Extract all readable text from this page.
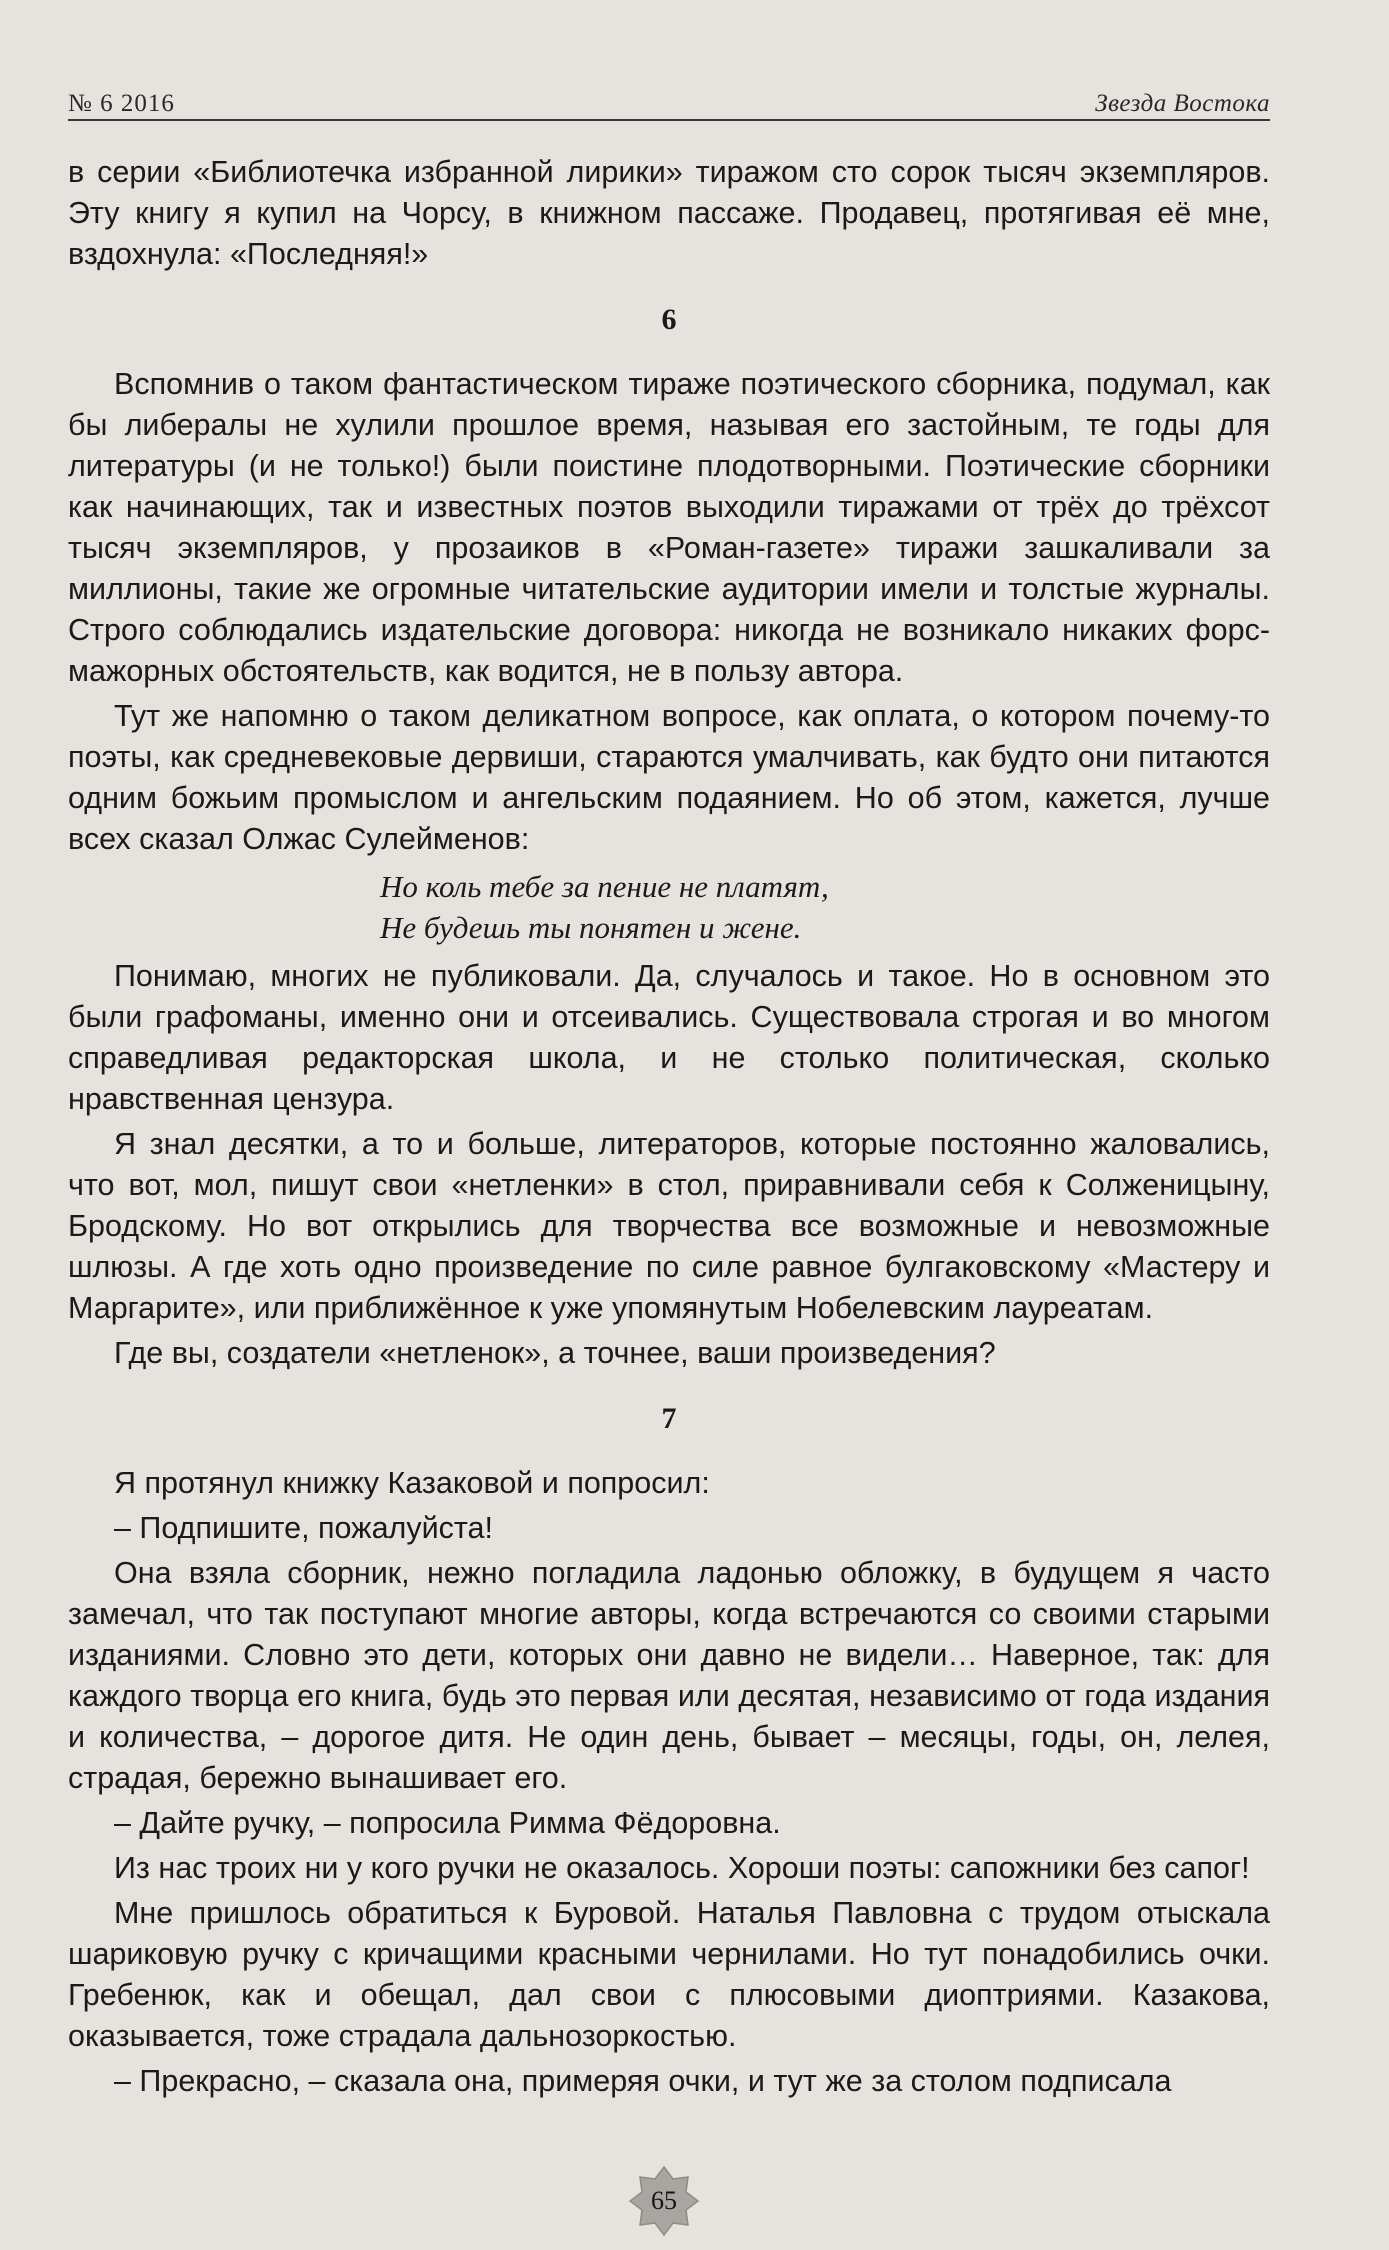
№ 6 2016	Звезда Востока

в серии «Библиотечка избранной лирики» тиражом сто сорок тысяч экземпляров. Эту книгу я купил на Чорсу, в книжном пассаже. Продавец, протягивая её мне, вздохнула: «Последняя!»

6

Вспомнив о таком фантастическом тираже поэтического сборника, подумал, как бы либералы не хулили прошлое время, называя его застойным, те годы для литературы (и не только!) были поистине плодотворными. Поэтические сборники как начинающих, так и известных поэтов выходили тиражами от трёх до трёхсот тысяч экземпляров, у прозаиков в «Роман-газете» тиражи зашкаливали за миллионы, такие же огромные читательские аудитории имели и толстые журналы. Строго соблюдались издательские договора: никогда не возникало никаких форс-мажорных обстоятельств, как водится, не в пользу автора.

Тут же напомню о таком деликатном вопросе, как оплата, о котором почему-то поэты, как средневековые дервиши, стараются умалчивать, как будто они питаются одним божьим промыслом и ангельским подаянием. Но об этом, кажется, лучше всех сказал Олжас Сулейменов:

Но коль тебе за пение не платят,
Не будешь ты понятен и жене.

Понимаю, многих не публиковали. Да, случалось и такое. Но в основном это были графоманы, именно они и отсеивались. Существовала строгая и во многом справедливая редакторская школа, и не столько политическая, сколько нравственная цензура.

Я знал десятки, а то и больше, литераторов, которые постоянно жаловались, что вот, мол, пишут свои «нетленки» в стол, приравнивали себя к Солженицыну, Бродскому. Но вот открылись для творчества все возможные и невозможные шлюзы. А где хоть одно произведение по силе равное булгаковскому «Мастеру и Маргарите», или приближённое к уже упомянутым Нобелевским лауреатам.

Где вы, создатели «нетленок», а точнее, ваши произведения?

7

Я протянул книжку Казаковой и попросил:

– Подпишите, пожалуйста!

Она взяла сборник, нежно погладила ладонью обложку, в будущем я часто замечал, что так поступают многие авторы, когда встречаются со своими старыми изданиями. Словно это дети, которых они давно не видели… Наверное, так: для каждого творца его книга, будь это первая или десятая, независимо от года издания и количества, – дорогое дитя. Не один день, бывает – месяцы, годы, он, лелея, страдая, бережно вынашивает его.

– Дайте ручку, – попросила Римма Фёдоровна.

Из нас троих ни у кого ручки не оказалось. Хороши поэты: сапожники без сапог!

Мне пришлось обратиться к Буровой. Наталья Павловна с трудом отыскала шариковую ручку с кричащими красными чернилами. Но тут понадобились очки. Гребенюк, как и обещал, дал свои с плюсовыми диоптриями. Казакова, оказывается, тоже страдала дальнозоркостью.

– Прекрасно, – сказала она, примеряя очки, и тут же за столом подписала

65
